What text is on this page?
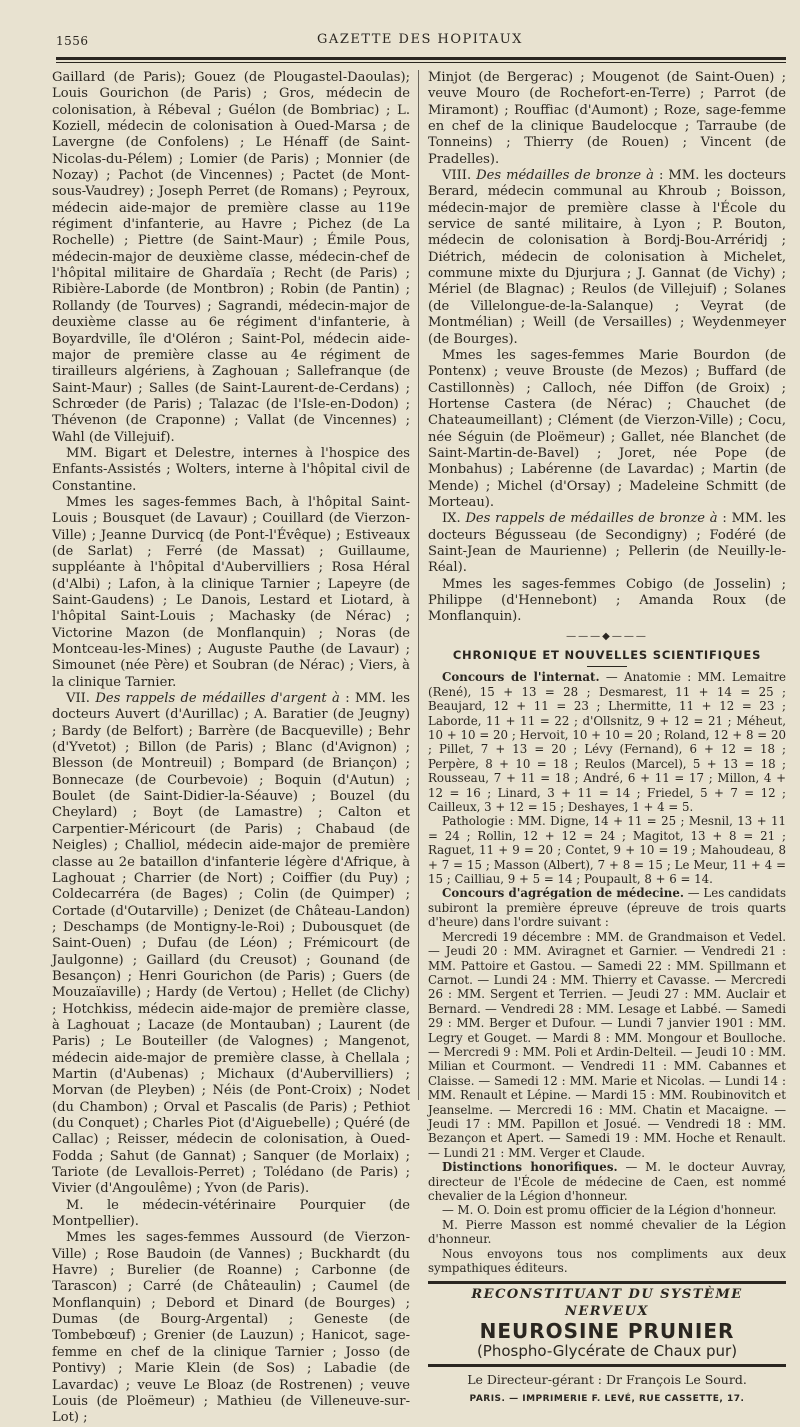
1556	GAZETTE DES HOPITAUX

Gaillard (de Paris); Gouez (de Plougastel-Daoulas); Louis Gourichon (de Paris) ; Gros, médecin de colonisation, à Rébeval ; Guélon (de Bombriac) ; L. Koziell, médecin de colonisation à Oued-Marsa ; de Lavergne (de Confolens) ; Le Hénaff (de Saint-Nicolas-du-Pélem) ; Lomier (de Paris) ; Monnier (de Nozay) ; Pachot (de Vincennes) ; Pactet (de Mont-sous-Vaudrey) ; Joseph Perret (de Romans) ; Peyroux, médecin aide-major de première classe au 119e régiment d'infanterie, au Havre ; Pichez (de La Rochelle) ; Piettre (de Saint-Maur) ; Émile Pous, médecin-major de deuxième classe, médecin-chef de l'hôpital militaire de Ghardaïa ; Recht (de Paris) ; Ribière-Laborde (de Montbron) ; Robin (de Pantin) ; Rollandy (de Tourves) ; Sagrandi, médecin-major de deuxième classe au 6e régiment d'infanterie, à Boyardville, île d'Oléron ; Saint-Pol, médecin aide-major de première classe au 4e régiment de tirailleurs algériens, à Zaghouan ; Sallefranque (de Saint-Maur) ; Salles (de Saint-Laurent-de-Cerdans) ; Schrœder (de Paris) ; Talazac (de l'Isle-en-Dodon) ; Thévenon (de Craponne) ; Vallat (de Vincennes) ; Wahl (de Villejuif).

MM. Bigart et Delestre, internes à l'hospice des Enfants-Assistés ; Wolters, interne à l'hôpital civil de Constantine.

Mmes les sages-femmes Bach, à l'hôpital Saint-Louis ; Bousquet (de Lavaur) ; Couillard (de Vierzon-Ville) ; Jeanne Durvicq (de Pont-l'Évêque) ; Estiveaux (de Sarlat) ; Ferré (de Massat) ; Guillaume, suppléante à l'hôpital d'Aubervilliers ; Rosa Héral (d'Albi) ; Lafon, à la clinique Tarnier ; Lapeyre (de Saint-Gaudens) ; Le Danois, Lestard et Liotard, à l'hôpital Saint-Louis ; Machasky (de Nérac) ; Victorine Mazon (de Monflanquin) ; Noras (de Montceau-les-Mines) ; Auguste Pauthe (de Lavaur) ; Simounet (née Père) et Soubran (de Nérac) ; Viers, à la clinique Tarnier.

VII. Des rappels de médailles d'argent à : MM. les docteurs Auvert (d'Aurillac) ; A. Baratier (de Jeugny) ; Bardy (de Belfort) ; Barrère (de Bacqueville) ; Behr (d'Yvetot) ; Billon (de Paris) ; Blanc (d'Avignon) ; Blesson (de Montreuil) ; Bompard (de Briançon) ; Bonnecaze (de Courbevoie) ; Boquin (d'Autun) ; Boulet (de Saint-Didier-la-Séauve) ; Bouzel (du Cheylard) ; Boyt (de Lamastre) ; Calton et Carpentier-Méricourt (de Paris) ; Chabaud (de Neigles) ; Challiol, médecin aide-major de première classe au 2e bataillon d'infanterie légère d'Afrique, à Laghouat ; Charrier (de Nort) ; Coiffier (du Puy) ; Coldecarréra (de Bages) ; Colin (de Quimper) ; Cortade (d'Outarville) ; Denizet (de Château-Landon) ; Deschamps (de Montigny-le-Roi) ; Dubousquet (de Saint-Ouen) ; Dufau (de Léon) ; Frémicourt (de Jaulgonne) ; Gaillard (du Creusot) ; Gounand (de Besançon) ; Henri Gourichon (de Paris) ; Guers (de Mouzaïaville) ; Hardy (de Vertou) ; Hellet (de Clichy) ; Hotchkiss, médecin aide-major de première classe, à Laghouat ; Lacaze (de Montauban) ; Laurent (de Paris) ; Le Bouteiller (de Valognes) ; Mangenot, médecin aide-major de première classe, à Chellala ; Martin (d'Aubenas) ; Michaux (d'Aubervilliers) ; Morvan (de Pleyben) ; Néis (de Pont-Croix) ; Nodet (du Chambon) ; Orval et Pascalis (de Paris) ; Pethiot (du Conquet) ; Charles Piot (d'Aiguebelle) ; Quéré (de Callac) ; Reisser, médecin de colonisation, à Oued-Fodda ; Sahut (de Gannat) ; Sanquer (de Morlaix) ; Tariote (de Levallois-Perret) ; Tolédano (de Paris) ; Vivier (d'Angoulême) ; Yvon (de Paris).

M. le médecin-vétérinaire Pourquier (de Montpellier).

Mmes les sages-femmes Aussourd (de Vierzon-Ville) ; Rose Baudoin (de Vannes) ; Buckhardt (du Havre) ; Burelier (de Roanne) ; Carbonne (de Tarascon) ; Carré (de Châteaulin) ; Caumel (de Monflanquin) ; Debord et Dinard (de Bourges) ; Dumas (de Bourg-Argental) ; Geneste (de Tombebœuf) ; Grenier (de Lauzun) ; Hanicot, sage-femme en chef de la clinique Tarnier ; Josso (de Pontivy) ; Marie Klein (de Sos) ; Labadie (de Lavardac) ; veuve Le Bloaz (de Rostrenen) ; veuve Louis (de Ploëmeur) ; Mathieu (de Villeneuve-sur-Lot) ;

Minjot (de Bergerac) ; Mougenot (de Saint-Ouen) ; veuve Mouro (de Rochefort-en-Terre) ; Parrot (de Miramont) ; Rouffiac (d'Aumont) ; Roze, sage-femme en chef de la clinique Baudelocque ; Tarraube (de Tonneins) ; Thierry (de Rouen) ; Vincent (de Pradelles).

VIII. Des médailles de bronze à : MM. les docteurs Berard, médecin communal au Khroub ; Boisson, médecin-major de première classe à l'École du service de santé militaire, à Lyon ; P. Bouton, médecin de colonisation à Bordj-Bou-Arréridj ; Diétrich, médecin de colonisation à Michelet, commune mixte du Djurjura ; J. Gannat (de Vichy) ; Mériel (de Blagnac) ; Reulos (de Villejuif) ; Solanes (de Villelongue-de-la-Salanque) ; Veyrat (de Montmélian) ; Weill (de Versailles) ; Weydenmeyer (de Bourges).

Mmes les sages-femmes Marie Bourdon (de Pontenx) ; veuve Brouste (de Mezos) ; Buffard (de Castillonnès) ; Calloch, née Diffon (de Groix) ; Hortense Castera (de Nérac) ; Chauchet (de Chateaumeillant) ; Clément (de Vierzon-Ville) ; Cocu, née Séguin (de Ploëmeur) ; Gallet, née Blanchet (de Saint-Martin-de-Bavel) ; Joret, née Pope (de Monbahus) ; Labérenne (de Lavardac) ; Martin (de Mende) ; Michel (d'Orsay) ; Madeleine Schmitt (de Morteau).

IX. Des rappels de médailles de bronze à : MM. les docteurs Bégusseau (de Secondigny) ; Fodéré (de Saint-Jean de Maurienne) ; Pellerin (de Neuilly-le-Réal).

Mmes les sages-femmes Cobigo (de Josselin) ; Philippe (d'Hennebont) ; Amanda Roux (de Monflanquin).

———◆———
CHRONIQUE ET NOUVELLES SCIENTIFIQUES

Concours de l'internat. — Anatomie : MM. Lemaitre (René), 15 + 13 = 28 ; Desmarest, 11 + 14 = 25 ; Beaujard, 12 + 11 = 23 ; Lhermitte, 11 + 12 = 23 ; Laborde, 11 + 11 = 22 ; d'Ollsnitz, 9 + 12 = 21 ; Méheut, 10 + 10 = 20 ; Hervoit, 10 + 10 = 20 ; Roland, 12 + 8 = 20 ; Pillet, 7 + 13 = 20 ; Lévy (Fernand), 6 + 12 = 18 ; Perpère, 8 + 10 = 18 ; Reulos (Marcel), 5 + 13 = 18 ; Rousseau, 7 + 11 = 18 ; André, 6 + 11 = 17 ; Millon, 4 + 12 = 16 ; Linard, 3 + 11 = 14 ; Friedel, 5 + 7 = 12 ; Cailleux, 3 + 12 = 15 ; Deshayes, 1 + 4 = 5.

Pathologie : MM. Digne, 14 + 11 = 25 ; Mesnil, 13 + 11 = 24 ; Rollin, 12 + 12 = 24 ; Magitot, 13 + 8 = 21 ; Raguet, 11 + 9 = 20 ; Contet, 9 + 10 = 19 ; Mahoudeau, 8 + 7 = 15 ; Masson (Albert), 7 + 8 = 15 ; Le Meur, 11 + 4 = 15 ; Cailliau, 9 + 5 = 14 ; Poupault, 8 + 6 = 14.

Concours d'agrégation de médecine. — Les candidats subiront la première épreuve (épreuve de trois quarts d'heure) dans l'ordre suivant :

Mercredi 19 décembre : MM. de Grandmaison et Vedel. — Jeudi 20 : MM. Aviragnet et Garnier. — Vendredi 21 : MM. Pattoire et Gastou. — Samedi 22 : MM. Spillmann et Carnot. — Lundi 24 : MM. Thierry et Cavasse. — Mercredi 26 : MM. Sergent et Terrien. — Jeudi 27 : MM. Auclair et Bernard. — Vendredi 28 : MM. Lesage et Labbé. — Samedi 29 : MM. Berger et Dufour. — Lundi 7 janvier 1901 : MM. Legry et Gouget. — Mardi 8 : MM. Mongour et Boulloche. — Mercredi 9 : MM. Poli et Ardin-Delteil. — Jeudi 10 : MM. Milian et Courmont. — Vendredi 11 : MM. Cabannes et Claisse. — Samedi 12 : MM. Marie et Nicolas. — Lundi 14 : MM. Renault et Lépine. — Mardi 15 : MM. Roubinovitch et Jeanselme. — Mercredi 16 : MM. Chatin et Macaigne. — Jeudi 17 : MM. Papillon et Josué. — Vendredi 18 : MM. Bezançon et Apert. — Samedi 19 : MM. Hoche et Renault. — Lundi 21 : MM. Verger et Claude.

Distinctions honorifiques. — M. le docteur Auvray, directeur de l'École de médecine de Caen, est nommé chevalier de la Légion d'honneur.

— M. O. Doin est promu officier de la Légion d'honneur.

M. Pierre Masson est nommé chevalier de la Légion d'honneur.

Nous envoyons tous nos compliments aux deux sympathiques éditeurs.

RECONSTITUANT DU SYSTÈME NERVEUX
NEUROSINE PRUNIER
(Phospho-Glycérate de Chaux pur)
Le Directeur-gérant : Dr François Le Sourd.
PARIS. — IMPRIMERIE F. LEVÉ, RUE CASSETTE, 17.
